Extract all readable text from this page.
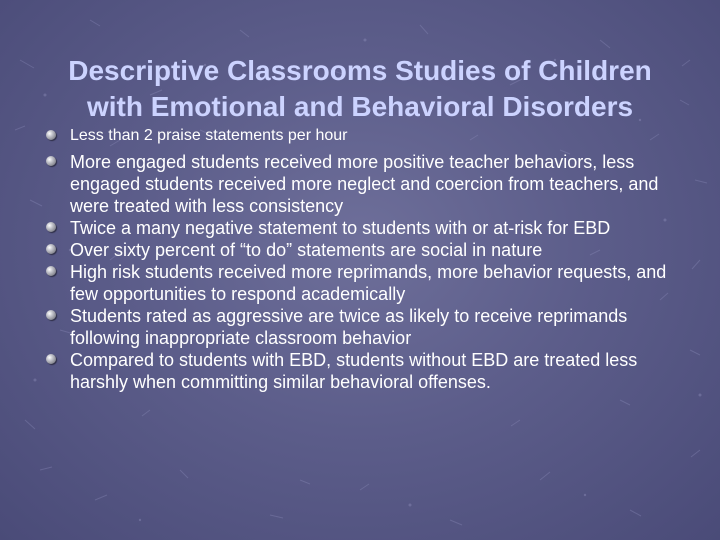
Descriptive Classrooms Studies of Children
with Emotional and Behavioral Disorders
Less than 2 praise statements per hour
More engaged students received more positive teacher behaviors, less engaged students received more neglect and coercion from teachers, and were treated with less consistency
Twice a many negative statement to students with or at-risk for EBD
Over sixty percent of “to do” statements are social in nature
High risk students received more reprimands, more behavior requests, and few opportunities to respond academically
Students rated as aggressive are twice as likely to receive reprimands following inappropriate classroom behavior
Compared to students with EBD, students without EBD are treated less harshly when committing similar behavioral offenses.
